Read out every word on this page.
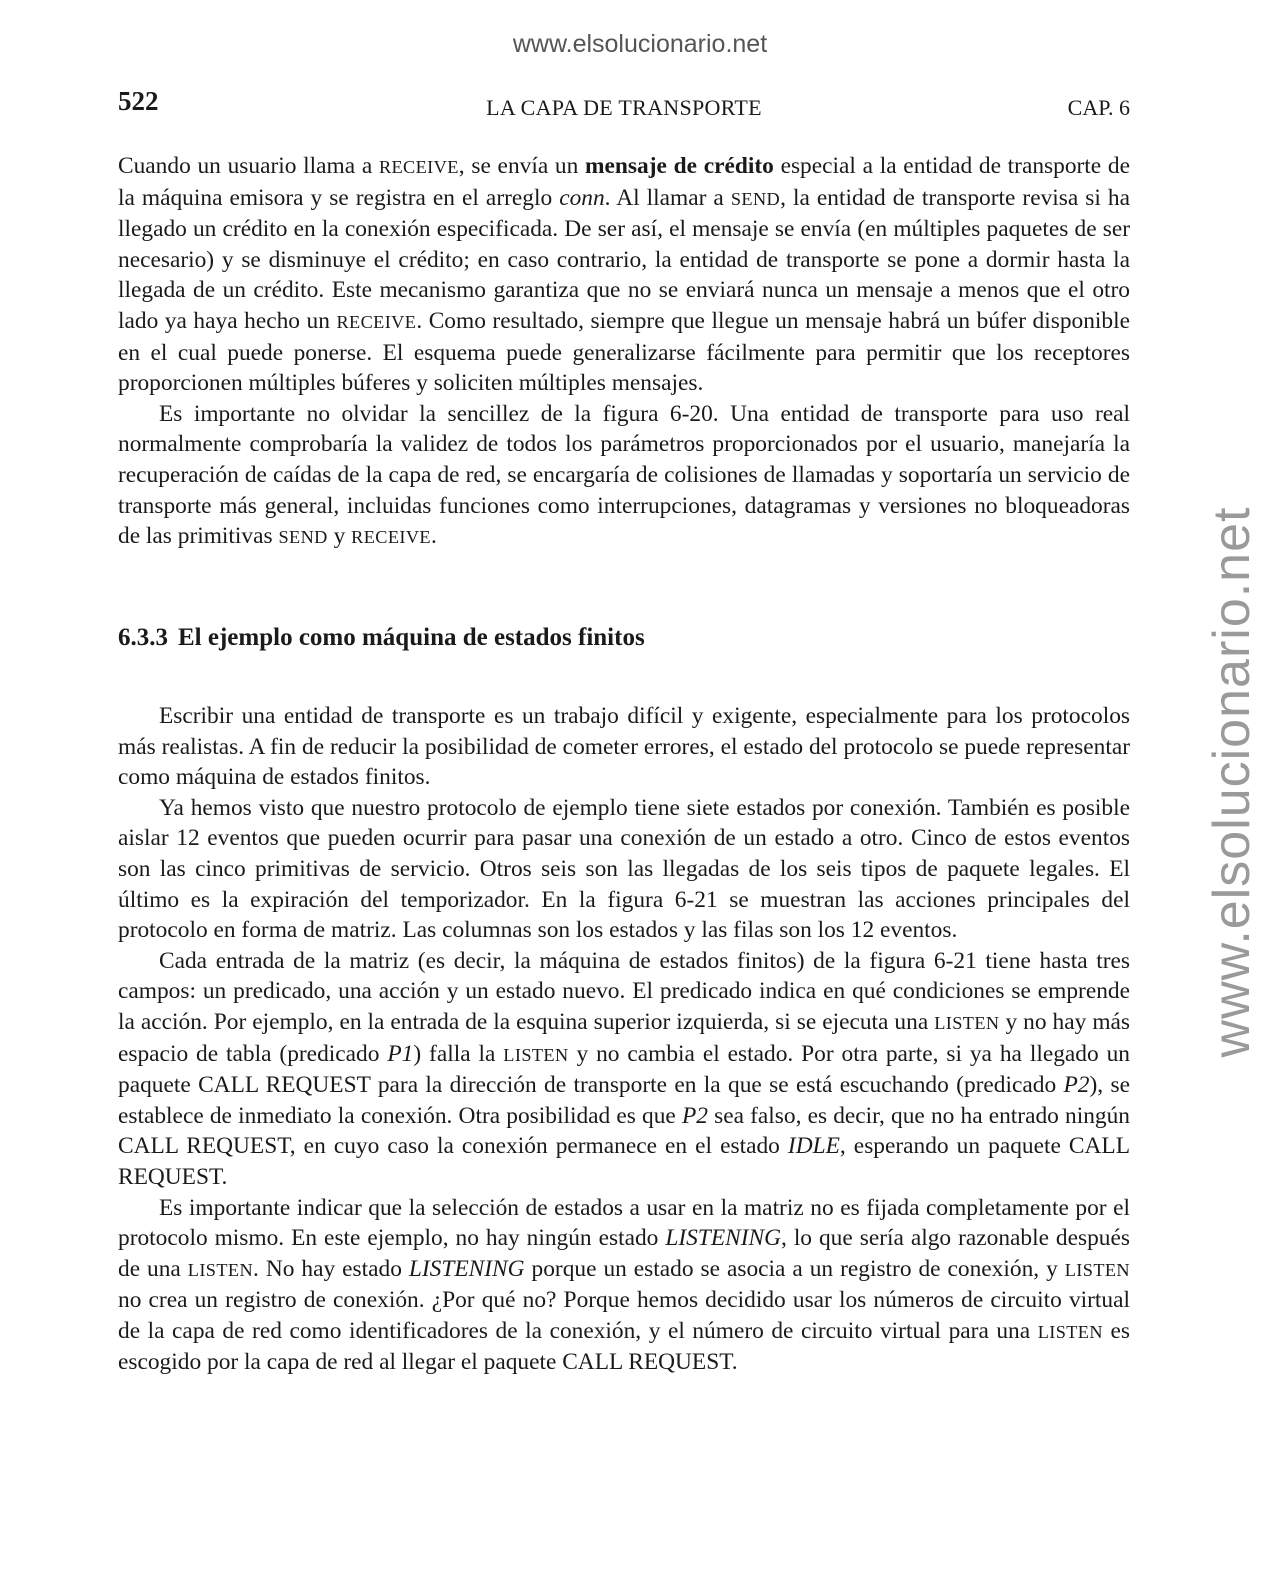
www.elsolucionario.net
www.elsolucionario.net
522	LA CAPA DE TRANSPORTE	CAP. 6

Cuando un usuario llama a RECEIVE, se envía un mensaje de crédito especial a la entidad de transporte de la máquina emisora y se registra en el arreglo conn. Al llamar a SEND, la entidad de transporte revisa si ha llegado un crédito en la conexión especificada. De ser así, el mensaje se envía (en múltiples paquetes de ser necesario) y se disminuye el crédito; en caso contrario, la entidad de transporte se pone a dormir hasta la llegada de un crédito. Este mecanismo garantiza que no se enviará nunca un mensaje a menos que el otro lado ya haya hecho un RECEIVE. Como resultado, siempre que llegue un mensaje habrá un búfer disponible en el cual puede ponerse. El esquema puede generalizarse fácilmente para permitir que los receptores proporcionen múltiples búferes y soliciten múltiples mensajes.

Es importante no olvidar la sencillez de la figura 6-20. Una entidad de transporte para uso real normalmente comprobaría la validez de todos los parámetros proporcionados por el usuario, manejaría la recuperación de caídas de la capa de red, se encargaría de colisiones de llamadas y soportaría un servicio de transporte más general, incluidas funciones como interrupciones, datagramas y versiones no bloqueadoras de las primitivas SEND y RECEIVE.

6.3.3 El ejemplo como máquina de estados finitos

Escribir una entidad de transporte es un trabajo difícil y exigente, especialmente para los protocolos más realistas. A fin de reducir la posibilidad de cometer errores, el estado del protocolo se puede representar como máquina de estados finitos.

Ya hemos visto que nuestro protocolo de ejemplo tiene siete estados por conexión. También es posible aislar 12 eventos que pueden ocurrir para pasar una conexión de un estado a otro. Cinco de estos eventos son las cinco primitivas de servicio. Otros seis son las llegadas de los seis tipos de paquete legales. El último es la expiración del temporizador. En la figura 6-21 se muestran las acciones principales del protocolo en forma de matriz. Las columnas son los estados y las filas son los 12 eventos.

Cada entrada de la matriz (es decir, la máquina de estados finitos) de la figura 6-21 tiene hasta tres campos: un predicado, una acción y un estado nuevo. El predicado indica en qué condiciones se emprende la acción. Por ejemplo, en la entrada de la esquina superior izquierda, si se ejecuta una LISTEN y no hay más espacio de tabla (predicado P1) falla la LISTEN y no cambia el estado. Por otra parte, si ya ha llegado un paquete CALL REQUEST para la dirección de transporte en la que se está escuchando (predicado P2), se establece de inmediato la conexión. Otra posibilidad es que P2 sea falso, es decir, que no ha entrado ningún CALL REQUEST, en cuyo caso la conexión permanece en el estado IDLE, esperando un paquete CALL REQUEST.

Es importante indicar que la selección de estados a usar en la matriz no es fijada completamente por el protocolo mismo. En este ejemplo, no hay ningún estado LISTENING, lo que sería algo razonable después de una LISTEN. No hay estado LISTENING porque un estado se asocia a un registro de conexión, y LISTEN no crea un registro de conexión. ¿Por qué no? Porque hemos decidido usar los números de circuito virtual de la capa de red como identificadores de la conexión, y el número de circuito virtual para una LISTEN es escogido por la capa de red al llegar el paquete CALL REQUEST.
